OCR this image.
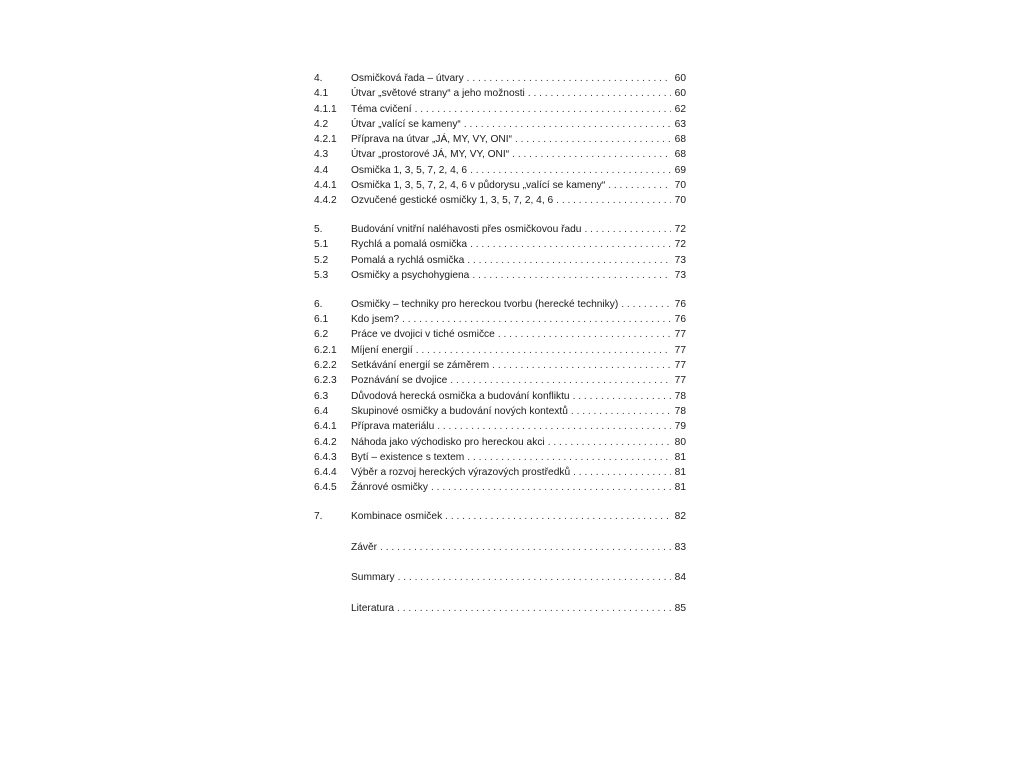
4.	Osmičková řada – útvary . . .	60
4.1	Útvar „světové strany“ a jeho možnosti . . .	60
4.1.1	Téma cvičení . . .	62
4.2	Útvar „valící se kameny“ . . .	63
4.2.1	Příprava na útvar „JÁ, MY, VY, ONI“ . . .	68
4.3	Útvar „prostorové JÁ, MY, VY, ONI“ . . .	68
4.4	Osmička 1, 3, 5, 7, 2, 4, 6 . . .	69
4.4.1	Osmička 1, 3, 5, 7, 2, 4, 6 v půdorysu „valící se kameny“ . . .	70
4.4.2	Ozvučené gestické osmičky 1, 3, 5, 7, 2, 4, 6 . . .	70
5.	Budování vnitřní naléhavosti přes osmičkovou řadu . . .	72
5.1	Rychlá a pomalá osmička . . .	72
5.2	Pomalá a rychlá osmička . . .	73
5.3	Osmičky a psychohygiena . . .	73
6.	Osmičky – techniky pro hereckou tvorbu (herecké techniky) . . .	76
6.1	Kdo jsem? . . .	76
6.2	Práce ve dvojici v tiché osmičce . . .	77
6.2.1	Míjení energií . . .	77
6.2.2	Setkávání energií se záměrem . . .	77
6.2.3	Poznávání se dvojice . . .	77
6.3	Důvodová herecká osmička a budování konfliktu . . .	78
6.4	Skupinové osmičky a budování nových kontextů . . .	78
6.4.1	Příprava materiálu . . .	79
6.4.2	Náhoda jako východisko pro hereckou akci . . .	80
6.4.3	Bytí – existence s textem . . .	81
6.4.4	Výběr a rozvoj hereckých výrazových prostředků . . .	81
6.4.5	Žánrové osmičky . . .	81
7.	Kombinace osmiček . . .	82
Závěr . . .	83
Summary . . .	84
Literatura . . .	85
